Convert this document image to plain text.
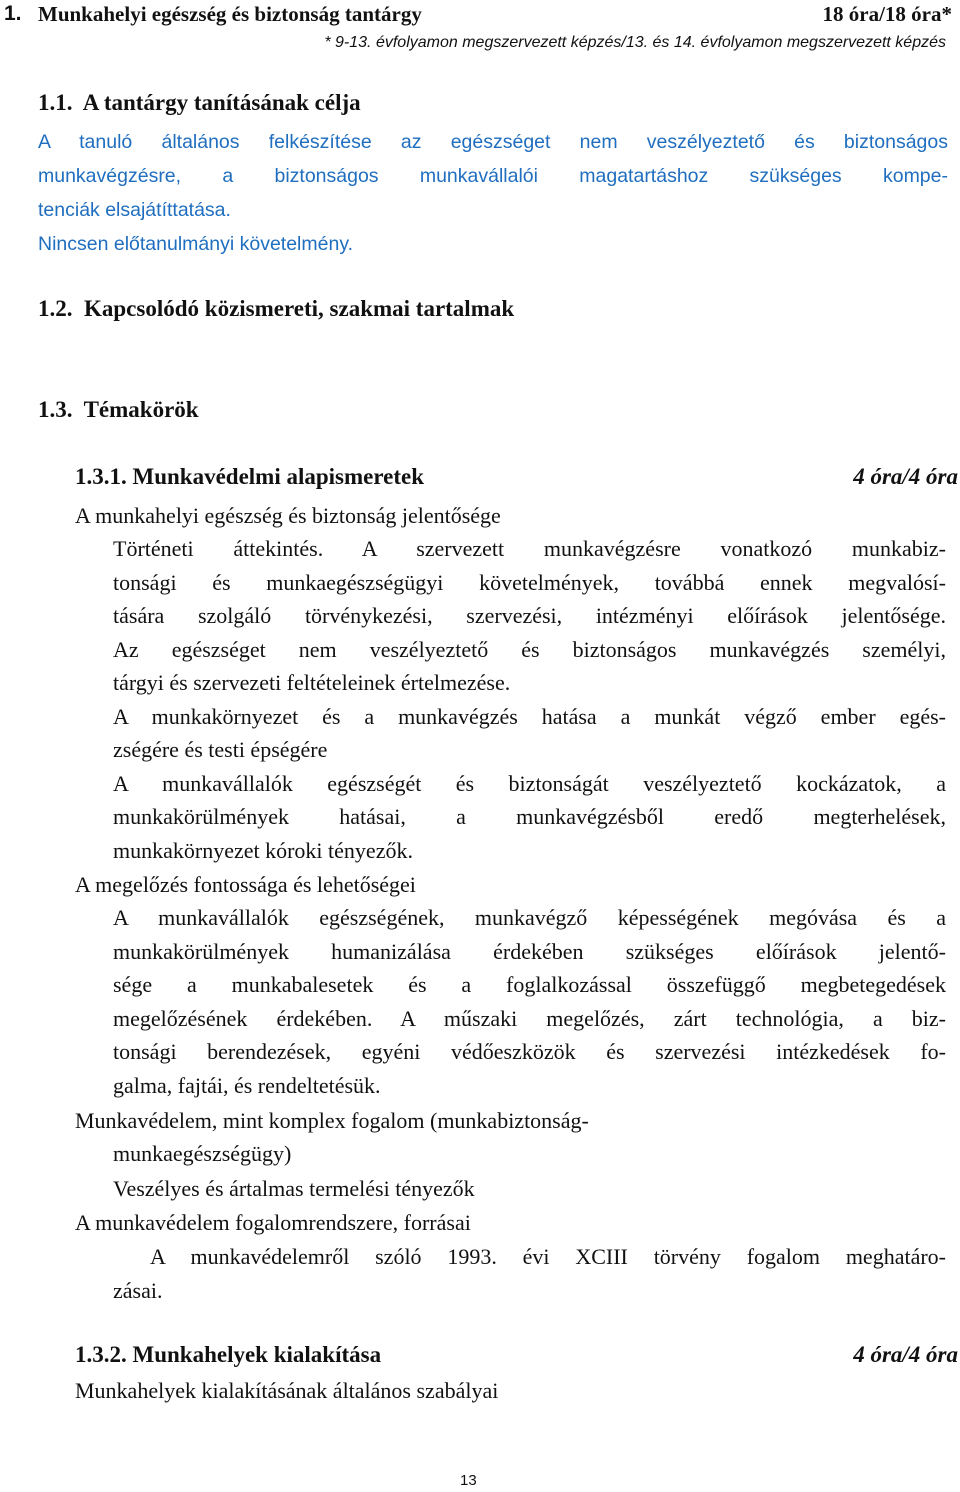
1. Munkahelyi egészség és biztonság tantárgy	18 óra/18 óra*
* 9-13. évfolyamon megszervezett képzés/13. és 14. évfolyamon megszervezett képzés
1.1.  A tantárgy tanításának célja
A tanuló általános felkészítése az egészséget nem veszélyeztető és biztonságos
munkavégzésre, a biztonságos munkavállalói magatartáshoz szükséges kompe-
tenciák elsajátíttatása.
Nincsen előtanulmányi követelmény.
1.2.  Kapcsolódó közismereti, szakmai tartalmak
1.3.  Témakörök
1.3.1. Munkavédelmi alapismeretek	4 óra/4 óra
A munkahelyi egészség és biztonság jelentősége
Történeti áttekintés. A szervezett munkavégzésre vonatkozó munkabiz-
tonsági és munkaegészségügyi követelmények, továbbá ennek megvalósí-
tására szolgáló törvénykezési, szervezési, intézményi előírások jelentősége.
Az egészséget nem veszélyeztető és biztonságos munkavégzés személyi,
tárgyi és szervezeti feltételeinek értelmezése.
A munkakörnyezet és a munkavégzés hatása a munkát végző ember egés-
zségére és testi épségére
A munkavállalók egészségét és biztonságát veszélyeztető kockázatok, a
munkakörülmények hatásai, a munkavégzésből eredő megterhelések,
munkakörnyezet kóroki tényezők.
A megelőzés fontossága és lehetőségei
A munkavállalók egészségének, munkavégző képességének megóvása és a
munkakörülmények humanizálása érdekében szükséges előírások jelentő-
sége a munkabalesetek és a foglalkozással összefüggő megbetegedések
megelőzésének érdekében. A műszaki megelőzés, zárt technológia, a biz-
tonsági berendezések, egyéni védőeszközök és szervezési intézkedések fo-
galma, fajtái, és rendeltetésük.
Munkavédelem, mint komplex fogalom (munkabiztonság-
munkaegészségügy)
Veszélyes és ártalmas termelési tényezők
A munkavédelem fogalomrendszere, forrásai
A munkavédelemről szóló 1993. évi XCIII törvény fogalom meghatáro-
zásai.
1.3.2. Munkahelyek kialakítása	4 óra/4 óra
Munkahelyek kialakításának általános szabályai
13
